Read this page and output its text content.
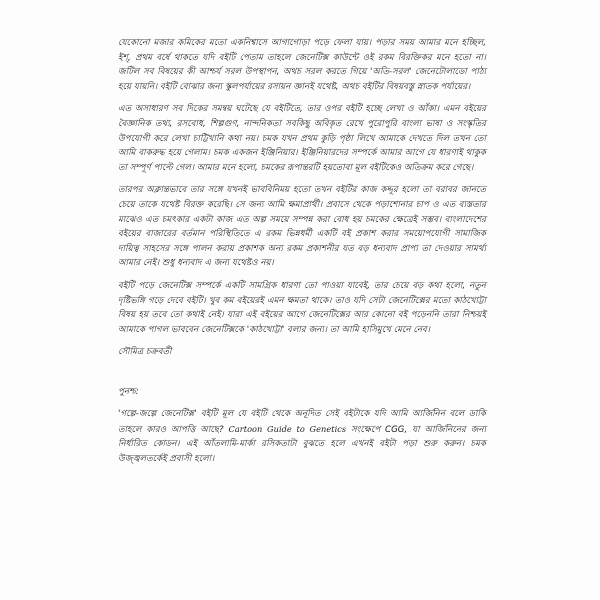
যেকোনো মজার কমিকের মতো একনিশ্বাসে আগাগোড়া পড়ে ফেলা যায়। পড়ার সময় আমার মনে হচ্ছিল, ইশ্‌, প্রথম বর্ষে থাকতে যদি বইটি পেতাম তাহলে জেনেটিক্স কাউন্টে ওই রকম বিরক্তিকর মনে হতো না। জটিল সব বিষয়ের কী আশ্চর্য সরল উপস্থাপন, অথচ সরল করতে গিয়ে 'অতি-সরল' জেনেটোলাডো পাঠ্য হয়ে যায়নি। বইটি বোঝার জন্য স্কুলপর্যায়ের রসায়ন জ্ঞানই যথেষ্ট, অথচ বইটির বিষয়বস্তু স্নাতক পর্যায়ের।

এত অসাধারণ সব দিকের সমন্বয় ঘটেছে যে বইটিতে, তার ওপর বইটি হচ্ছে লেখা ও আঁকা। এমন বইয়ের বৈজ্ঞানিক তথ্য, রসবোধ, শিল্পগুণ, নান্দনিকতা সবকিছু অবিকৃত রেখে পুরোপুরি বাংলা ভাষা ও সংস্কৃতির উপযোগী করে লেখা চাট্টিখানি কথা নয়। চমক যখন প্রথম কুড়ি পৃষ্ঠা লিখে আমাকে দেখতে দিল তখন তো আমি বাকরুদ্ধ হয়ে গেলাম। চমক একজন ইঞ্জিনিয়ার। ইঞ্জিনিয়ারদের সম্পর্কে আমার আগে যে ধারণাই থাকুক তা সম্পূর্ণ পাল্টে গেল। আমার মনে হলো, চমকের রূপান্তরটি হয়তোবা মূল বইটিকেও অতিক্রম করে গেছে।

তারপর অক্লান্তভাবে তার সঙ্গে যখনই ভাববিনিময় হতো তখন বইটির কাজ কদ্দূর হলো তা বরাবর জানতে চেয়ে তাকে যথেষ্ট বিরক্ত করেছি। সে জন্য আমি ক্ষমাপ্রার্থী। প্রবাসে থেকে পড়াশোনার চাপ ও এত ব্যস্ততার মাঝেও এত চমৎকার একটা কাজ এত অল্প সময়ে সম্পন্ন করা বোধ হয় চমকের ক্ষেত্রেই সম্ভব। বাংলাদেশের বইয়ের বাজারের বর্তমান পরিস্থিতিতে এ রকম ভিন্নধর্মী একটি বই প্রকাশ করার সময়োপযোগী সামাজিক দায়িত্ব সাহসের সঙ্গে পালন করায় প্রকাশক অন্য রকম প্রকাশনীর যত বড় ধন্যবাদ প্রাপ্য তা দেওয়ার সামর্থ্য আমার নেই। শুধু ধন্যবাদ এ জন্য যথেষ্টও নয়।

বইটি পড়ে জেনেটিক্স সম্পর্কে একটি সামগ্রিক ধারণা তো পাওয়া যাবেই, তার চেয়ে বড় কথা হলো, নতুন দৃষ্টিভঙ্গি গড়ে দেবে বইটি। খুব কম বইয়েরই এমন ক্ষমতা থাকে। তাও যদি সেটা জেনেটিক্সের মতো কাঠখোট্টা বিষয় হয় তবে তো কথাই নেই। যারা এই বইয়ের আগে জেনেটিক্সের আর কোনো বই পড়েননি তারা নিশ্চয়ই আমাকে পাগল ভাববেন জেনেটিক্সকে 'কাঠখোট্টা' বলার জন্য। তা আমি হাসিমুখে মেনে নেব।

সৌমিত্র চক্রবর্তী

পুনশ্চ:

'গল্পে-জল্পে জেনেটিক্স' বইটি মূল যে বইটি থেকে অনূদিত সেই বইটাকে যদি আমি আর্জিনিন বলে ডাকি তাহলে কারও আপত্তি আছে? Cartoon Guide to Genetics সংক্ষেপে CGG, যা আর্জিনিনের জন্য নির্ধারিত কোডন। এই আঁতলামি-মার্কা রসিকতাটা বুঝতে হলে এখনই বইটা পড়া শুরু করুন। চমক উজ্জ্বলতর্কেই প্রবাসী হলো।
